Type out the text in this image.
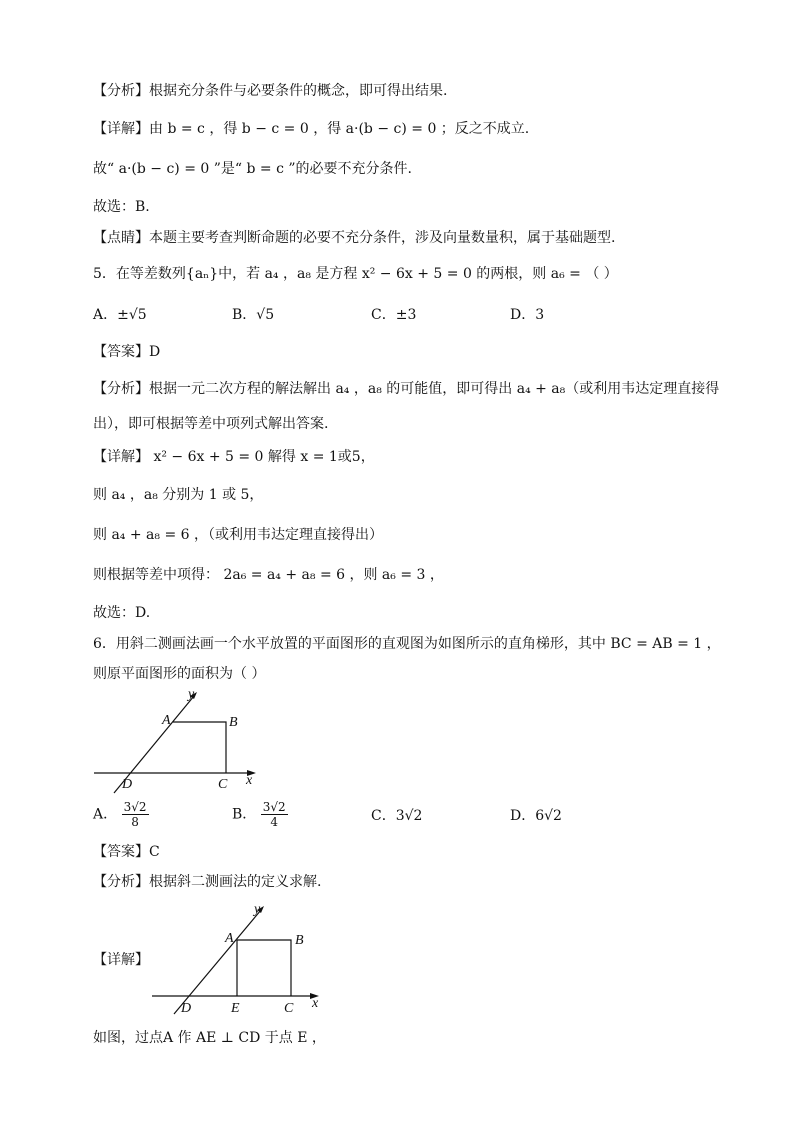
【分析】根据充分条件与必要条件的概念，即可得出结果.
【详解】由 b = c ，得 b − c = 0 ，得 a·(b − c) = 0 ；反之不成立.
故“ a·(b − c) = 0 ”是“ b = c ”的必要不充分条件.
故选：B.
【点睛】本题主要考查判断命题的必要不充分条件，涉及向量数量积，属于基础题型.
5．在等差数列{aₙ}中，若 a₄ ，a₈ 是方程 x² − 6x + 5 = 0 的两根，则 a₆ = （ ）
A．±√5	B．√5	C．±3	D．3
【答案】D
【分析】根据一元二次方程的解法解出 a₄ ，a₈ 的可能值，即可得出 a₄ + a₈（或利用韦达定理直接得
出），即可根据等差中项列式解出答案.
【详解】 x² − 6x + 5 = 0 解得 x = 1或5，
则 a₄ ，a₈ 分别为 1 或 5，
则 a₄ + a₈ = 6 ，（或利用韦达定理直接得出）
则根据等差中项得： 2a₆ = a₄ + a₈ = 6 ，则 a₆ = 3 ，
故选：D.
6．用斜二测画法画一个水平放置的平面图形的直观图为如图所示的直角梯形，其中 BC = AB = 1 ，
则原平面图形的面积为（ ）
y
A	B
D	C x
A． $\frac{3√2}{8}$	B． $\frac{3√2}{4}$	C．3√2	D．6√2
【答案】C
【分析】根据斜二测画法的定义求解.
【详解】
y
A	B
D	E	C x
如图，过点A 作 AE ⊥ CD 于点 E ，
